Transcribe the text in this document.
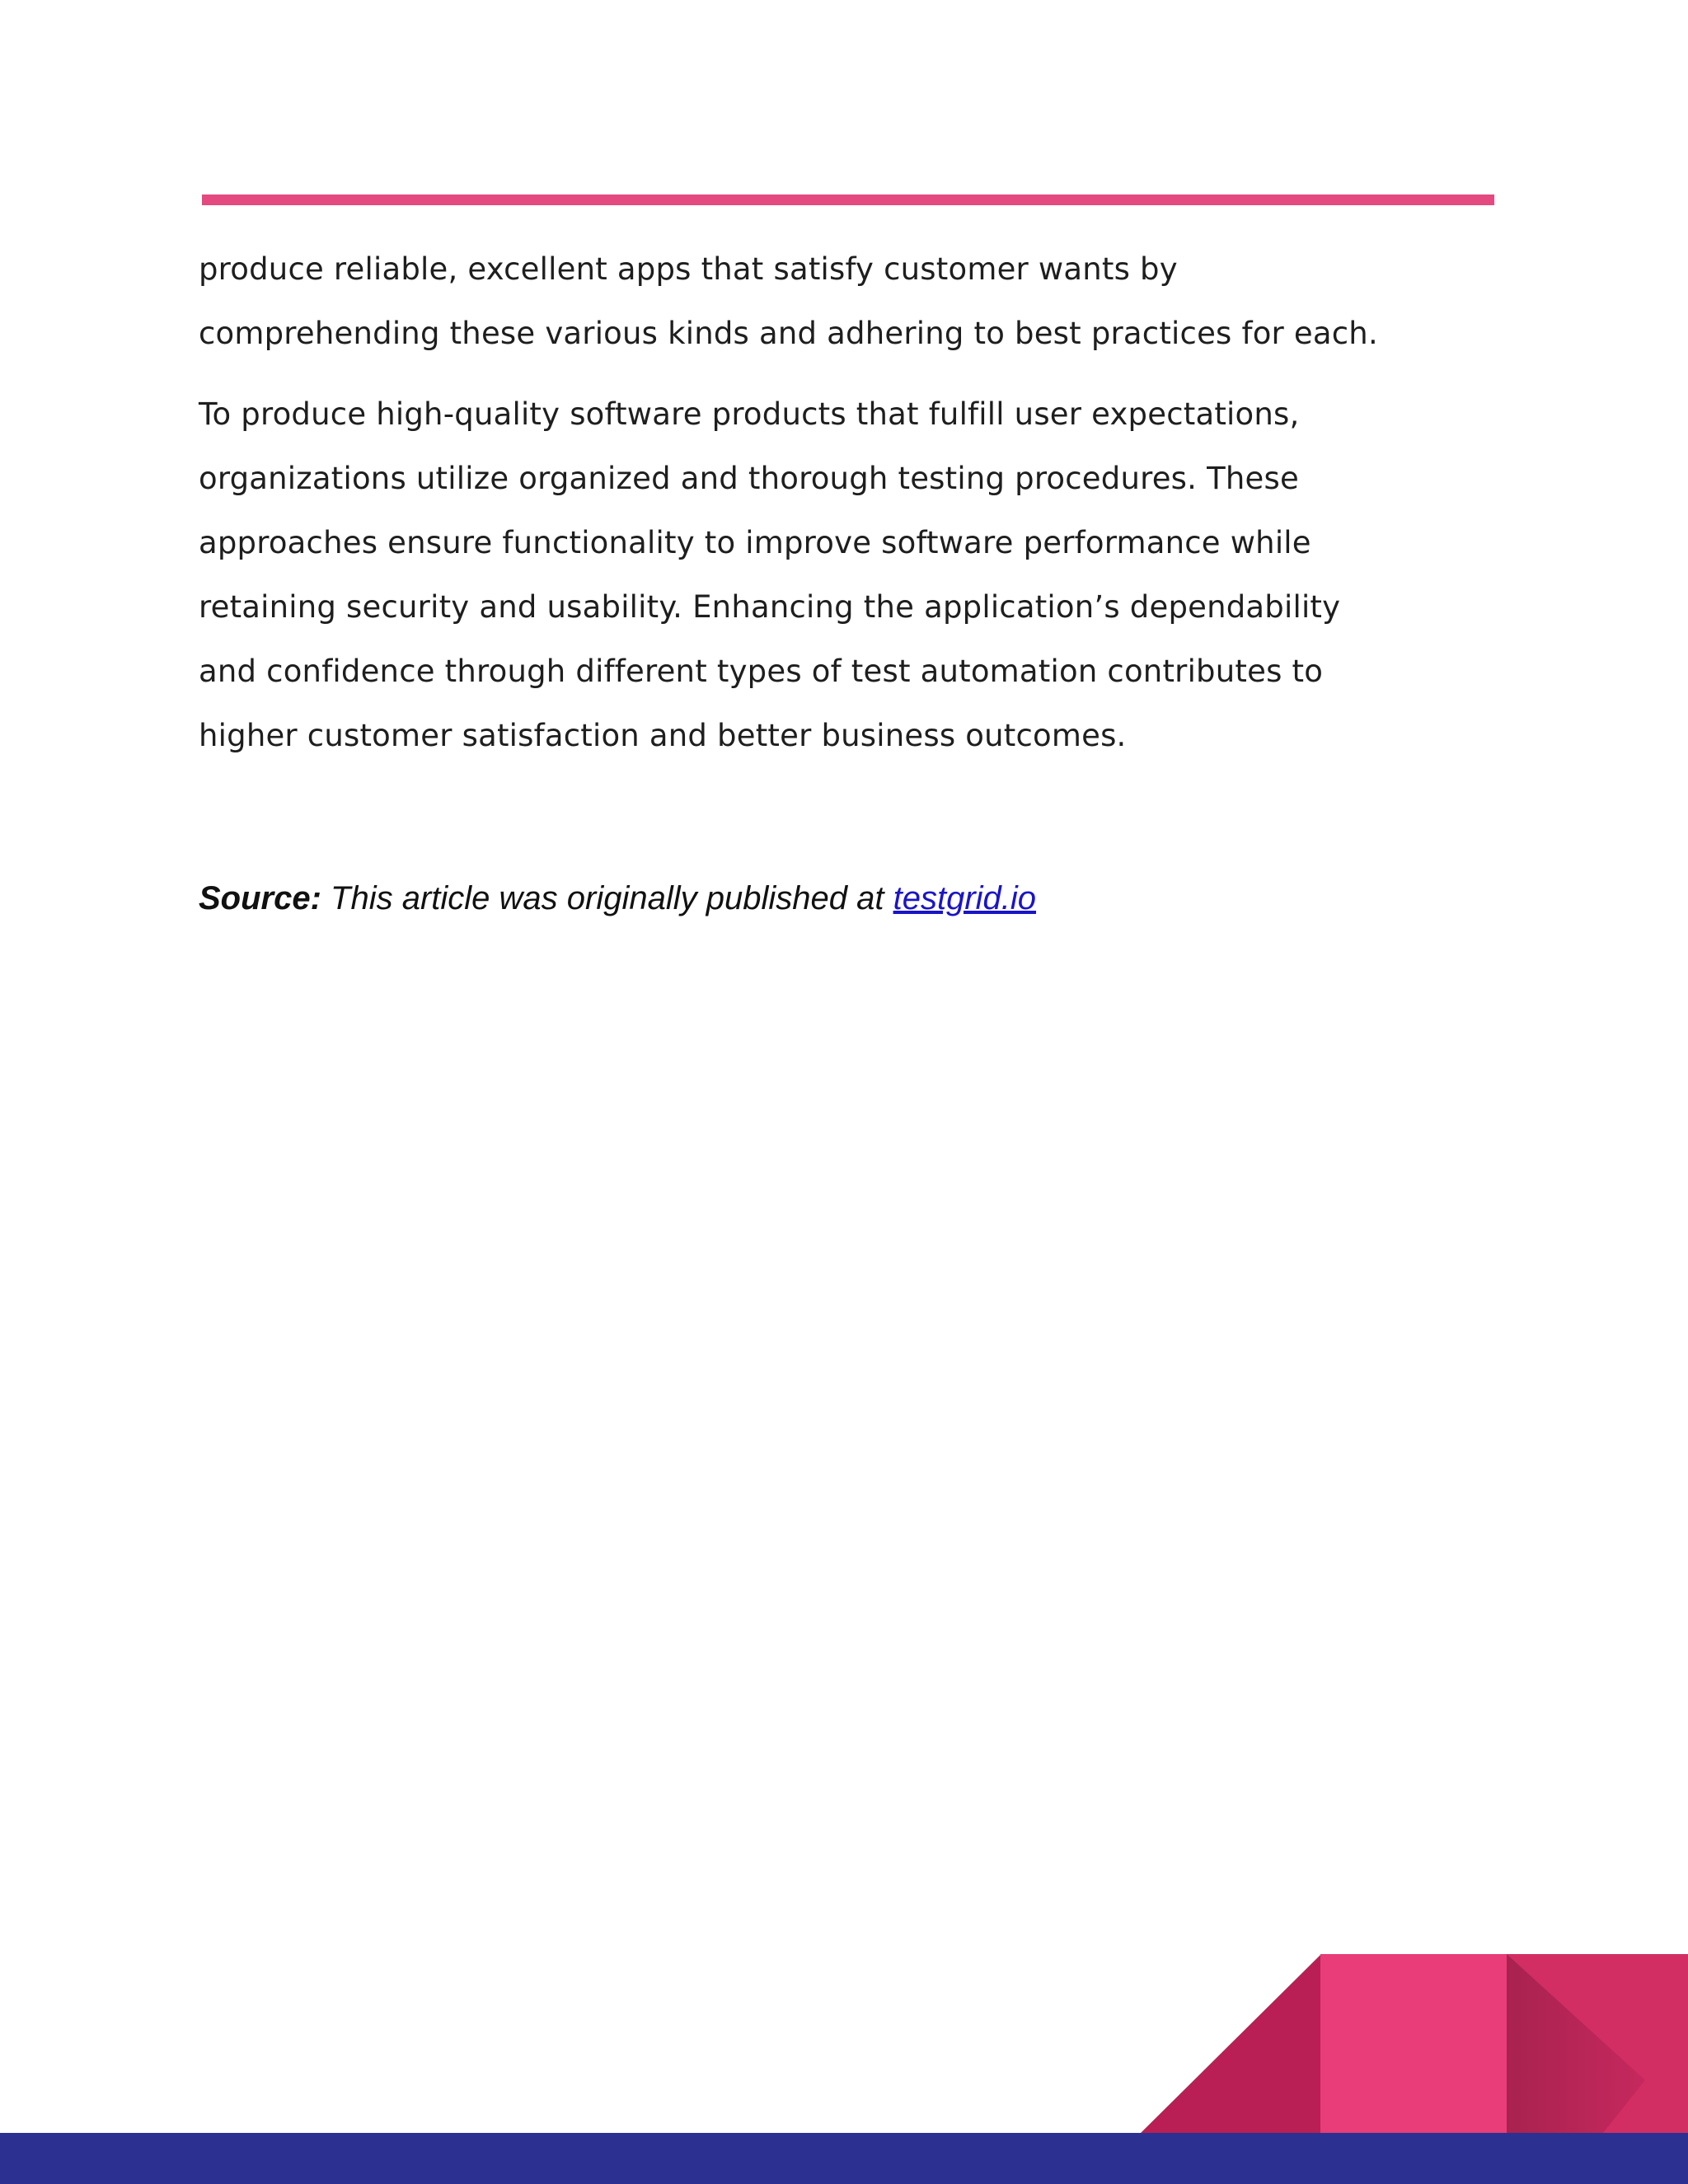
produce reliable, excellent apps that satisfy customer wants by
comprehending these various kinds and adhering to best practices for each.

To produce high-quality software products that fulfill user expectations,
organizations utilize organized and thorough testing procedures. These
approaches ensure functionality to improve software performance while
retaining security and usability. Enhancing the application’s dependability
and confidence through different types of test automation contributes to
higher customer satisfaction and better business outcomes.

Source: This article was originally published at testgrid.io
